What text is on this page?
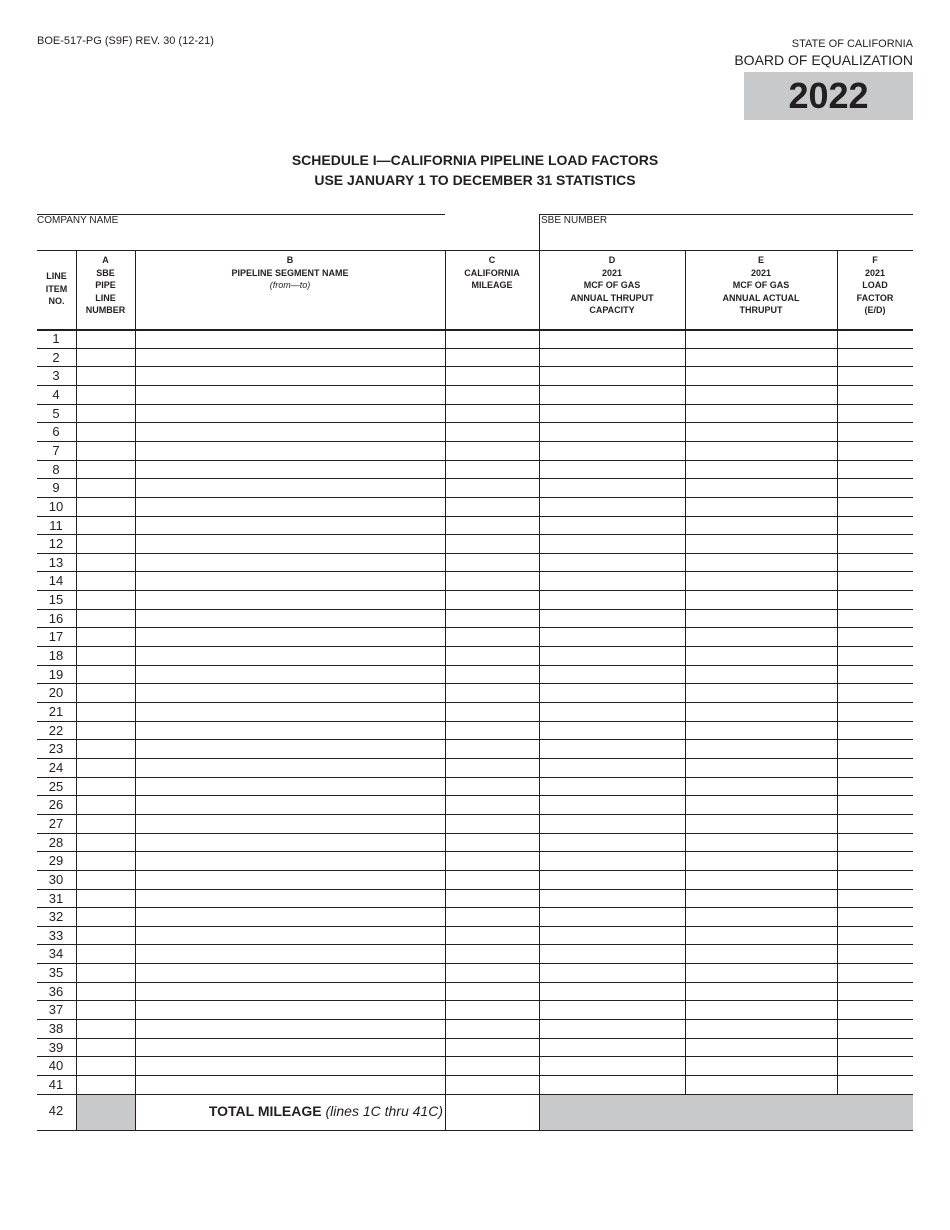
BOE-517-PG (S9F) REV. 30 (12-21)	STATE OF CALIFORNIA
BOARD OF EQUALIZATION
2022
SCHEDULE I—CALIFORNIA PIPELINE LOAD FACTORS
USE JANUARY 1 TO DECEMBER 31 STATISTICS
COMPANY NAME	SBE NUMBER
LINE
ITEM
NO.
A
SBE
PIPE
LINE
NUMBER
B
PIPELINE SEGMENT NAME
(from—to)
C
CALIFORNIA
MILEAGE
D
2021
MCF OF GAS
ANNUAL THRUPUT
CAPACITY
E
2021
MCF OF GAS
ANNUAL ACTUAL
THRUPUT
F
2021
LOAD
FACTOR
(E/D)
1
2
3
4
5
6
7
8
9
10
11
12
13
14
15
16
17
18
19
20
21
22
23
24
25
26
27
28
29
30
31
32
33
34
35
36
37
38
39
40
41
42	TOTAL MILEAGE (lines 1C thru 41C)
